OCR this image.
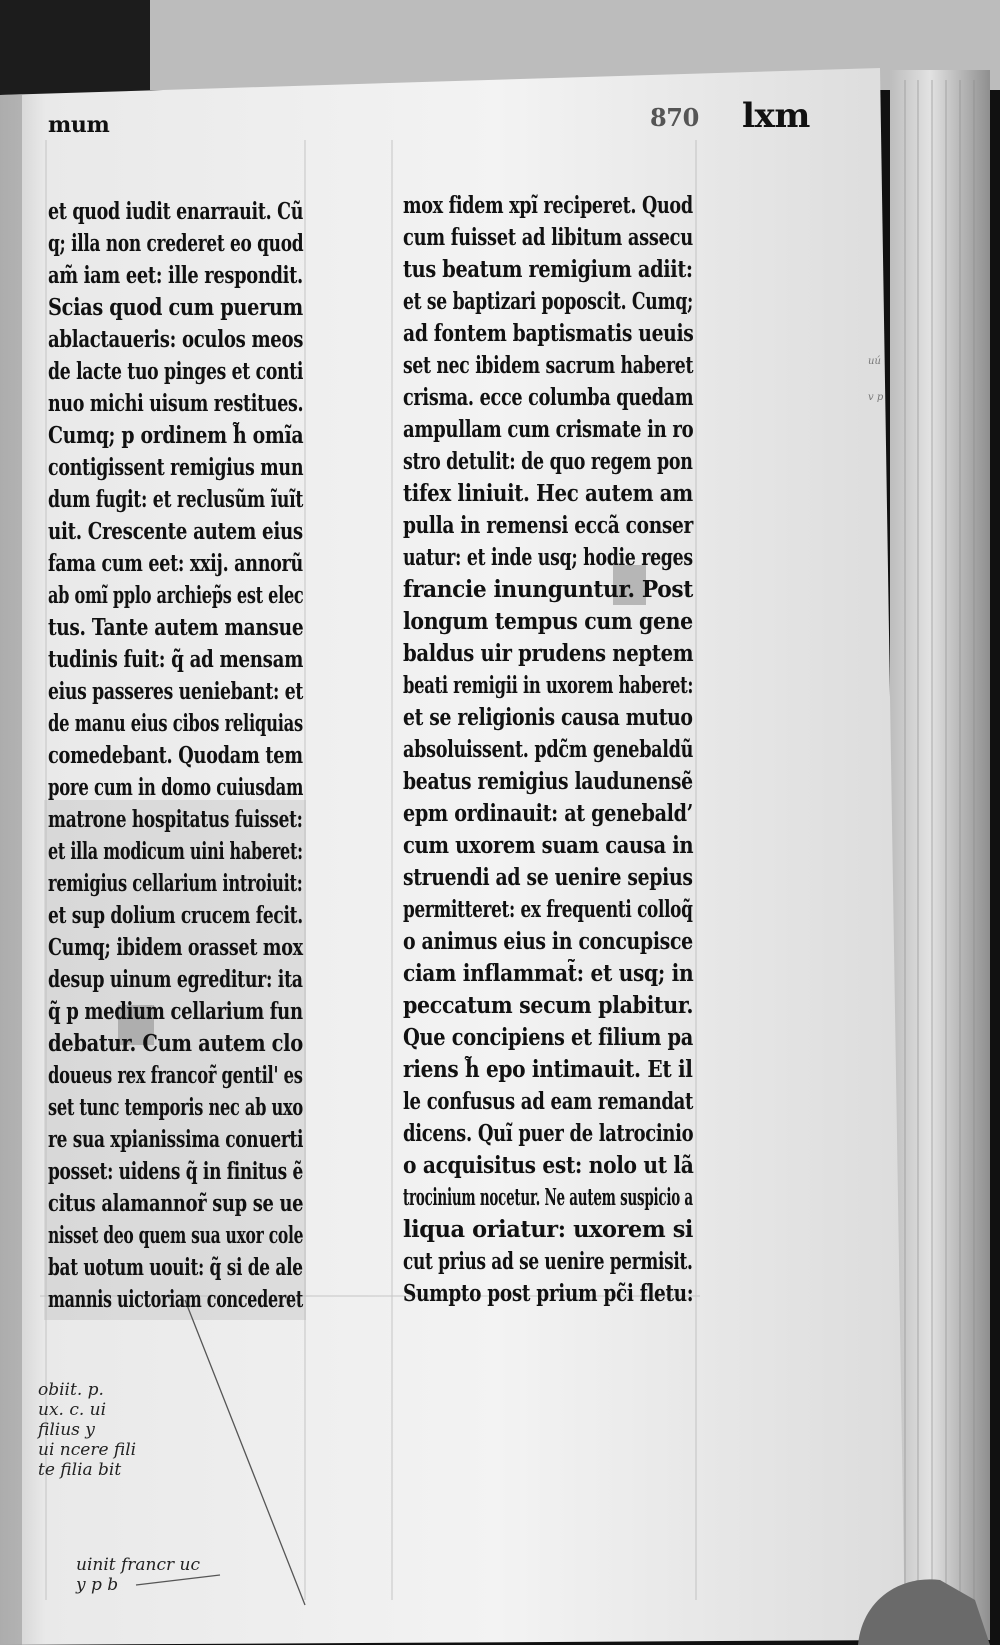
mum	870 lxm
et quod iudit enarrauit. Cũ
q; illa non crederet eo quod
am̃ iam eet: ille respondit.
Scias quod cum puerum
ablactaueris: oculos meos
de lacte tuo pinges et conti
nuo michi uisum restitues.
Cumq; p ordinem h̃ omĩa
contigissent remigius mun
dum fugit: et reclusũm ĩuĩt
uit. Crescente autem eius
fama cum eet: xxij. annorũ
ab omĩ pplo archiep̃s est elec
tus. Tante autem mansue
tudinis fuit: q̃ ad mensam
eius passeres ueniebant: et
de manu eius cibos reliquias
comedebant. Quodam tem
pore cum in domo cuiusdam
matrone hospitatus fuisset:
et illa modicum uini haberet:
remigius cellarium introiuit:
et sup dolium crucem fecit.
Cumq; ibidem orasset mox
desup uinum egreditur: ita
q̃ p medium cellarium fun
debatur. Cum autem clo
doueus rex francor̃ gentil' es
set tunc temporis nec ab uxo
re sua xpianissima conuerti
posset: uidens q̃ in finitus ẽ
citus alamannor̃ sup se ue
nisset deo quem sua uxor cole
bat uotum uouit: q̃ si de ale
mannis uictoriam concederet
mox fidem xpĩ reciperet. Quod
cum fuisset ad libitum assecu
tus beatum remigium adiit:
et se baptizari poposcit. Cumq;
ad fontem baptismatis ueuis
set nec ibidem sacrum haberet
crisma. ecce columba quedam
ampullam cum crismate in ro
stro detulit: de quo regem pon
tifex liniuit. Hec autem am
pulla in remensi eccã conser
uatur: et inde usq; hodie reges
francie inunguntur. Post
longum tempus cum gene
baldus uir prudens neptem
beati remigii in uxorem haberet:
et se religionis causa mutuo
absoluissent. pdc̃m genebaldũ
beatus remigius laudunensẽ
epm ordinauit: at genebald’
cum uxorem suam causa in
struendi ad se uenire sepius
permitteret: ex frequenti colloq̃
o animus eius in concupisce
ciam inflammat̃: et usq; in
peccatum secum plabitur.
Que concipiens et filium pa
riens h̃ epo intimauit. Et il
le confusus ad eam remandat
dicens. Quĩ puer de latrocinio
o acquisitus est: nolo ut lã
trocinium nocetur. Ne autem suspicio a
liqua oriatur: uxorem si
cut prius ad se uenire permisit.
Sumpto post prium pc̃i fletu:
obiit. p.
ux. c. ui
filius y
ui ncere fili
te filia bit
uinit francr uc
y p b
uú
v p
